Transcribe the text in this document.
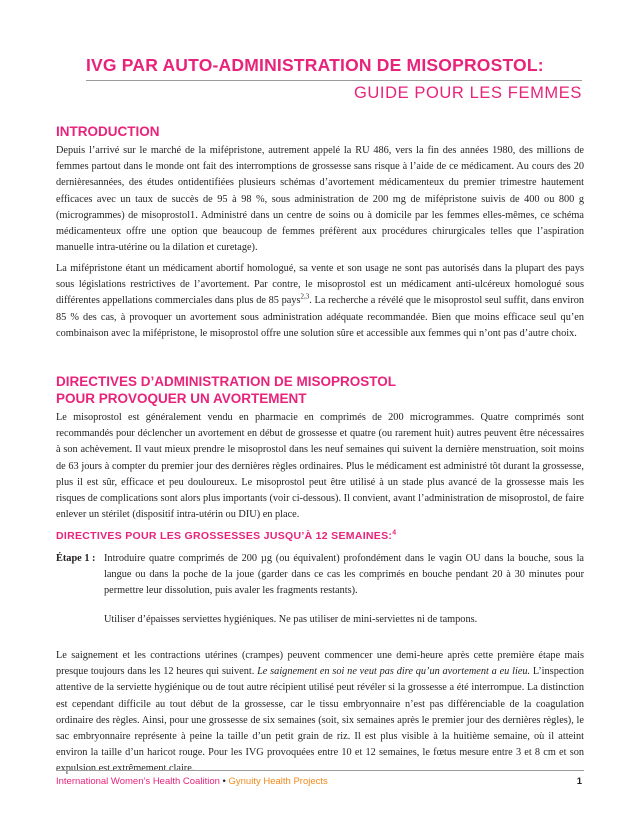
IVG PAR AUTO-ADMINISTRATION DE MISOPROSTOL:
GUIDE POUR LES FEMMES
INTRODUCTION
Depuis l’arrivé sur le marché de la mifépristone, autrement appelé la RU 486, vers la fin des années 1980, des millions de femmes partout dans le monde ont fait des interromptions de grossesse sans risque à l’aide de ce médicament. Au cours des 20 dernièresannées, des études ontidentifiées plusieurs schémas d’avortement médicamenteux du premier trimestre hautement efficaces avec un taux de succès de 95 à 98 %, sous administration de 200 mg de mifépristone suivis de 400 ou 800 g (microgrammes) de misoprostol1. Administré dans un centre de soins ou à domicile par les femmes elles-mêmes, ce schéma médicamenteux offre une option que beaucoup de femmes préfèrent aux procédures chirurgicales telles que l’aspiration manuelle intra-utérine ou la dilation et curetage).
La mifépristone étant un médicament abortif homologué, sa vente et son usage ne sont pas autorisés dans la plupart des pays sous législations restrictives de l’avortement. Par contre, le misoprostol est un médicament anti-ulcéreux homologué sous différentes appellations commerciales dans plus de 85 pays$^{2,3}$. La recherche a révélé que le misoprostol seul suffit, dans environ 85 % des cas, à provoquer un avortement sous administration adéquate recommandée. Bien que moins efficace seul qu’en combinaison avec la mifépristone, le misoprostol offre une solution sûre et accessible aux femmes qui n’ont pas d’autre choix.
DIRECTIVES D’ADMINISTRATION DE MISOPROSTOL
POUR PROVOQUER UN AVORTEMENT
Le misoprostol est généralement vendu en pharmacie en comprimés de 200 microgrammes. Quatre comprimés sont recommandés pour déclencher un avortement en début de grossesse et quatre (ou rarement huit) autres peuvent être nécessaires à son achèvement. Il vaut mieux prendre le misoprostol dans les neuf semaines qui suivent la dernière menstruation, soit moins de 63 jours à compter du premier jour des dernières règles ordinaires. Plus le médicament est administré tôt durant la grossesse, plus il est sûr, efficace et peu douloureux. Le misoprostol peut être utilisé à un stade plus avancé de la grossesse mais les risques de complications sont alors plus importants (voir ci-dessous). Il convient, avant l’administration de misoprostol, de faire enlever un stérilet (dispositif intra-utérin ou DIU) en place.
DIRECTIVES POUR LES GROSSESSES JUSQU’À 12 SEMAINES:$^4$
Étape 1 : Introduire quatre comprimés de 200 µg (ou équivalent) profondément dans le vagin OU dans la bouche, sous la langue ou dans la poche de la joue (garder dans ce cas les comprimés en bouche pendant 20 à 30 minutes pour permettre leur dissolution, puis avaler les fragments restants).
Utiliser d’épaisses serviettes hygiéniques. Ne pas utiliser de mini-serviettes ni de tampons.
Le saignement et les contractions utérines (crampes) peuvent commencer une demi-heure après cette première étape mais presque toujours dans les 12 heures qui suivent. Le saignement en soi ne veut pas dire qu’un avortement a eu lieu. L’inspection attentive de la serviette hygiénique ou de tout autre récipient utilisé peut révéler si la grossesse a été interrompue. La distinction est cependant difficile au tout début de la grossesse, car le tissu embryonnaire n’est pas différenciable de la coagulation ordinaire des règles. Ainsi, pour une grossesse de six semaines (soit, six semaines après le premier jour des dernières règles), le sac embryonnaire représente à peine la taille d’un petit grain de riz. Il est plus visible à la huitième semaine, où il atteint environ la taille d’un haricot rouge. Pour les IVG provoquées entre 10 et 12 semaines, le fœtus mesure entre 3 et 8 cm et son expulsion est extrêmement claire.
International Women’s Health Coalition • Gynuity Health Projects	1
